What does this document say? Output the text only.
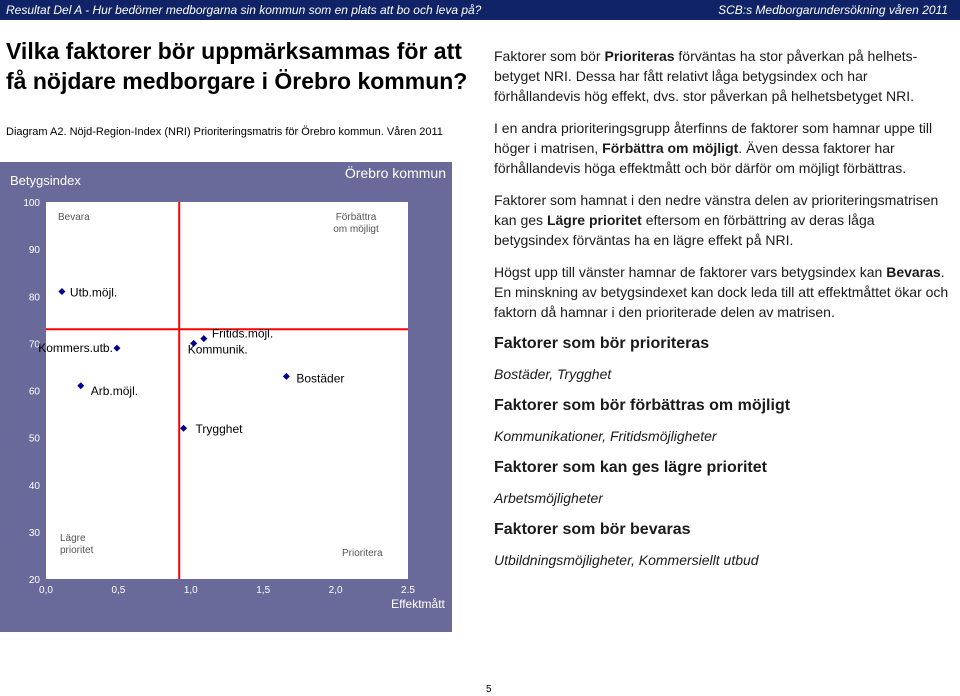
Resultat Del A - Hur bedömer medborgarna sin kommun som en plats att bo och leva på?	SCB:s Medborgarundersökning våren 2011
Vilka faktorer bör uppmärksammas för att få nöjdare medborgare i Örebro kommun?

Diagram A2. Nöjd-Region-Index (NRI) Prioriteringsmatris för Örebro kommun. Våren 2011

Betygsindex	Örebro kommun
20
30
40
50
60
70
80
90
100
0,0	0,5	1,0	1,5	2,0	2.5
Effektmått
Bevara	Förbättra om möjligt
Lägre prioritet	Prioritera
Utb.möjl.
Kommers.utb.
Arb.möjl.
Fritids.möjl.
Kommunik.
Bostäder
Trygghet

Faktorer som bör Prioriteras förväntas ha stor påverkan på helhets-betyget NRI. Dessa har fått relativt låga betygsindex och har förhållandevis hög effekt, dvs. stor påverkan på helhetsbetyget NRI.

I en andra prioriteringsgrupp återfinns de faktorer som hamnar uppe till höger i matrisen, Förbättra om möjligt. Även dessa faktorer har förhållandevis höga effektmått och bör därför om möjligt förbättras.

Faktorer som hamnat i den nedre vänstra delen av prioriteringsmatrisen kan ges Lägre prioritet eftersom en förbättring av deras låga betygsindex förväntas ha en lägre effekt på NRI.

Högst upp till vänster hamnar de faktorer vars betygsindex kan Bevaras. En minskning av betygsindexet kan dock leda till att effektmåttet ökar och faktorn då hamnar i den prioriterade delen av matrisen.

Faktorer som bör prioriteras
Bostäder, Trygghet
Faktorer som bör förbättras om möjligt
Kommunikationer, Fritidsmöjligheter
Faktorer som kan ges lägre prioritet
Arbetsmöjligheter
Faktorer som bör bevaras
Utbildningsmöjligheter, Kommersiellt utbud
5
